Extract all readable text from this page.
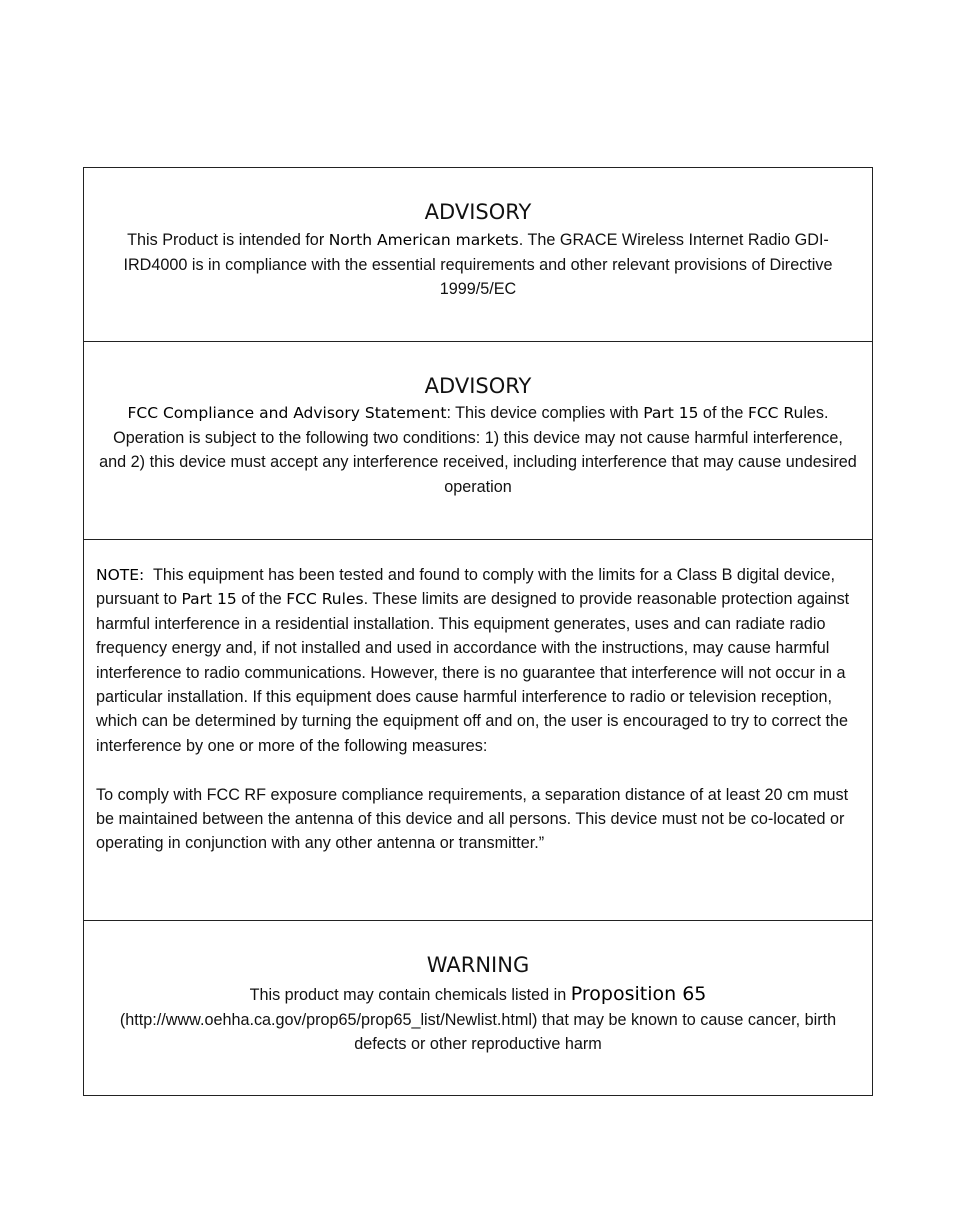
ADVISORY
This Product is intended for North American markets. The GRACE Wireless Internet Radio GDI-IRD4000 is in compliance with the essential requirements and other relevant provisions of Directive 1999/5/EC
ADVISORY
FCC Compliance and Advisory Statement: This device complies with Part 15 of the FCC Rules. Operation is subject to the following two conditions: 1) this device may not cause harmful interference, and 2) this device must accept any interference received, including interference that may cause undesired operation

NOTE:  This equipment has been tested and found to comply with the limits for a Class B digital device, pursuant to Part 15 of the FCC Rules. These limits are designed to provide reasonable protection against harmful interference in a residential installation. This equipment generates, uses and can radiate radio frequency energy and, if not installed and used in accordance with the instructions, may cause harmful interference to radio communications. However, there is no guarantee that interference will not occur in a particular installation. If this equipment does cause harmful interference to radio or television reception, which can be determined by turning the equipment off and on, the user is encouraged to try to correct the interference by one or more of the following measures:

To comply with FCC RF exposure compliance requirements, a separation distance of at least 20 cm must be maintained between the antenna of this device and all persons. This device must not be co-located or operating in conjunction with any other antenna or transmitter.”

WARNING
This product may contain chemicals listed in Proposition 65
(http://www.oehha.ca.gov/prop65/prop65_list/Newlist.html) that may be known to cause cancer, birth defects or other reproductive harm
